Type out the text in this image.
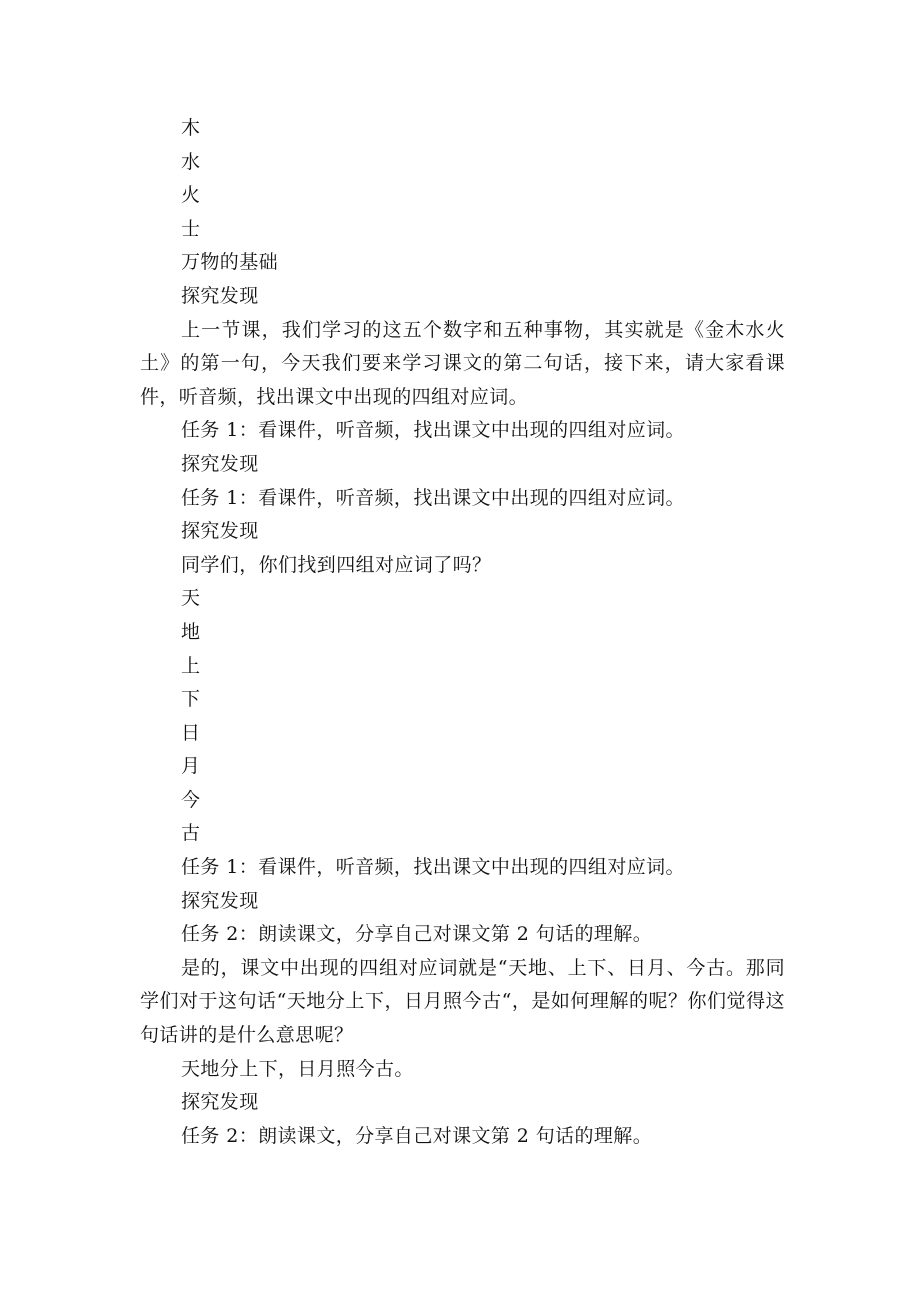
木
水
火
士
万物的基础
探究发现

上一节课，我们学习的这五个数字和五种事物，其实就是《金木水火土》的第一句，今天我们要来学习课文的第二句话，接下来，请大家看课件，听音频，找出课文中出现的四组对应词。

任务 1：看课件，听音频，找出课文中出现的四组对应词。
探究发现
任务 1：看课件，听音频，找出课文中出现的四组对应词。
探究发现
同学们，你们找到四组对应词了吗？
天
地
上
下
日
月
今
古
任务 1：看课件，听音频，找出课文中出现的四组对应词。
探究发现
任务 2：朗读课文，分享自己对课文第 2 句话的理解。

是的，课文中出现的四组对应词就是“天地、上下、日月、今古。那同学们对于这句话“天地分上下，日月照今古“，是如何理解的呢？你们觉得这句话讲的是什么意思呢？

天地分上下，日月照今古。
探究发现
任务 2：朗读课文，分享自己对课文第 2 句话的理解。
